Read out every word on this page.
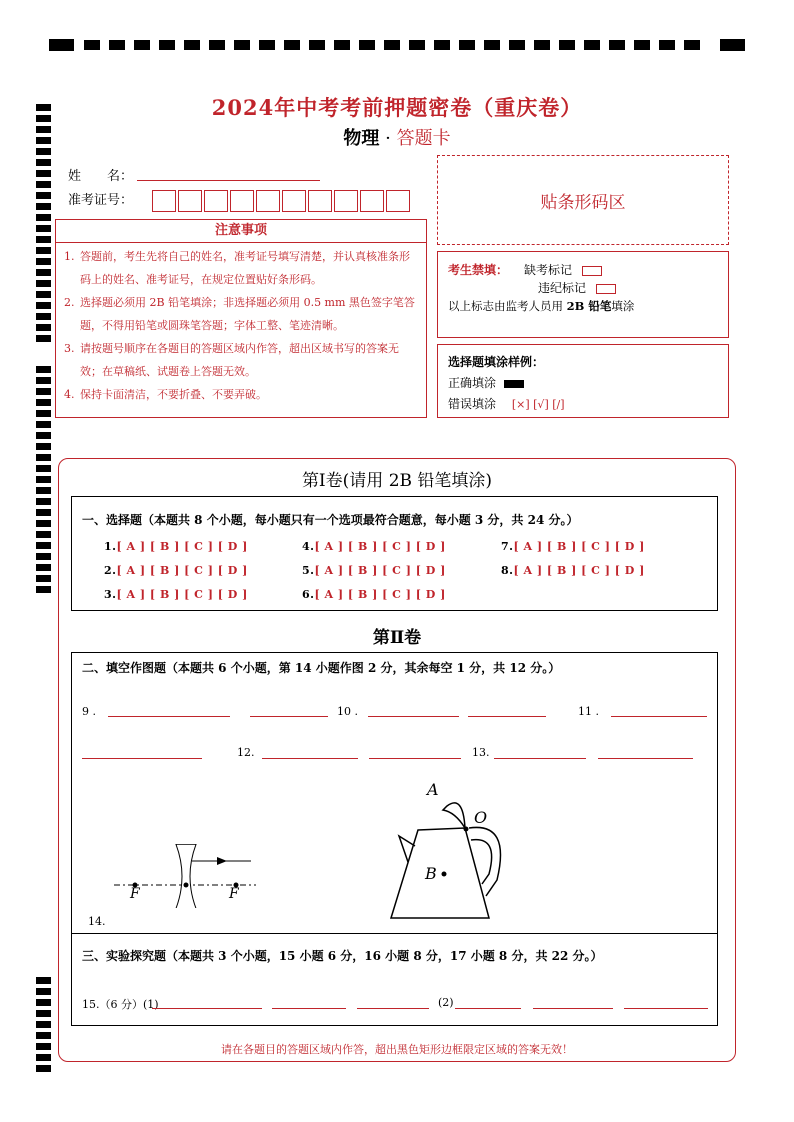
2024年中考考前押题密卷（重庆卷）
物理 · 答题卡
姓　　名：
准考证号：	贴条形码区
注意事项
1. 答题前，考生先将自己的姓名，准考证号填写清楚，并认真核准条形码上的姓名、准考证号，在规定位置贴好条形码。
2. 选择题必须用 2B 铅笔填涂；非选择题必须用 0.5 mm 黑色签字笔答题，不得用铅笔或圆珠笔答题；字体工整、笔迹清晰。
3. 请按题号顺序在各题目的答题区域内作答，超出区域书写的答案无效；在草稿纸、试题卷上答题无效。
4. 保持卡面清洁，不要折叠、不要弄破。
考生禁填： 缺考标记
违纪标记
以上标志由监考人员用 2B 铅笔填涂
选择题填涂样例：
正确填涂
错误填涂 [×] [√] [/]
第Ⅰ卷(请用 2B 铅笔填涂)
一、选择题（本题共 8 个小题，每小题只有一个选项最符合题意，每小题 3 分，共 24 分。）
1.[ A ] [ B ] [ C ] [ D ]
2.[ A ] [ B ] [ C ] [ D ]
3.[ A ] [ B ] [ C ] [ D ]
4.[ A ] [ B ] [ C ] [ D ]
5.[ A ] [ B ] [ C ] [ D ]
6.[ A ] [ B ] [ C ] [ D ]
7.[ A ] [ B ] [ C ] [ D ]
8.[ A ] [ B ] [ C ] [ D ]
第Ⅱ卷
二、填空作图题（本题共 6 个小题，第 14 小题作图 2 分，其余每空 1 分，共 12 分。）
9 .	10 .	11 .
12.	13.
14.
F	F
A
O
B
三、实验探究题（本题共 3 个小题，15 小题 6 分，16 小题 8 分，17 小题 8 分，共 22 分。）
15.（6 分）(1)	(2)
请在各题目的答题区域内作答，超出黑色矩形边框限定区域的答案无效！
